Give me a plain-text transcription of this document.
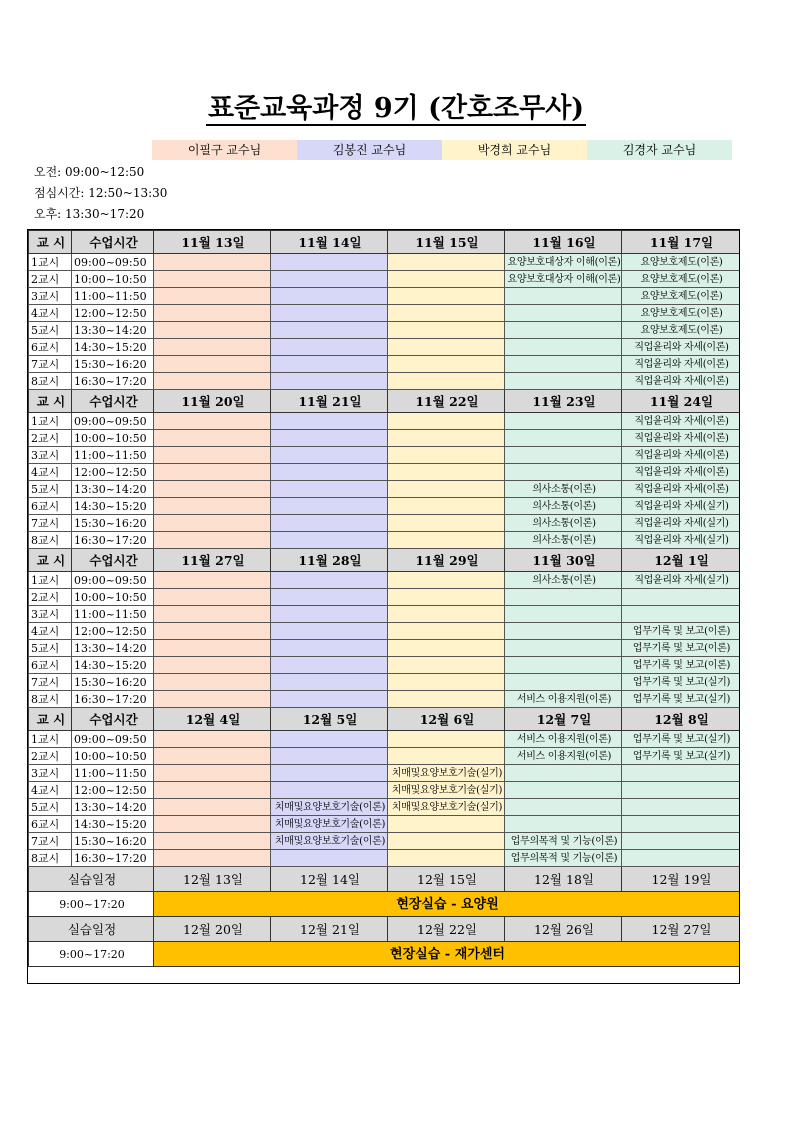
표준교육과정 9기 (간호조무사)
이필구 교수님	김봉진 교수님	박경희 교수님	김경자 교수님
오전: 09:00~12:50
점심시간: 12:50~13:30
오후: 13:30~17:20
교 시	수업시간	11월 13일	11월 14일	11월 15일	11월 16일	11월 17일
1교시	09:00~09:50				요양보호대상자 이해(이론)	요양보호제도(이론)
2교시	10:00~10:50				요양보호대상자 이해(이론)	요양보호제도(이론)
3교시	11:00~11:50					요양보호제도(이론)
4교시	12:00~12:50					요양보호제도(이론)
5교시	13:30~14:20					요양보호제도(이론)
6교시	14:30~15:20					직업윤리와 자세(이론)
7교시	15:30~16:20					직업윤리와 자세(이론)
8교시	16:30~17:20					직업윤리와 자세(이론)
교 시	수업시간	11월 20일	11월 21일	11월 22일	11월 23일	11월 24일
1교시	09:00~09:50					직업윤리와 자세(이론)
2교시	10:00~10:50					직업윤리와 자세(이론)
3교시	11:00~11:50					직업윤리와 자세(이론)
4교시	12:00~12:50					직업윤리와 자세(이론)
5교시	13:30~14:20				의사소통(이론)	직업윤리와 자세(이론)
6교시	14:30~15:20				의사소통(이론)	직업윤리와 자세(실기)
7교시	15:30~16:20				의사소통(이론)	직업윤리와 자세(실기)
8교시	16:30~17:20				의사소통(이론)	직업윤리와 자세(실기)
교 시	수업시간	11월 27일	11월 28일	11월 29일	11월 30일	12월 1일
1교시	09:00~09:50				의사소통(이론)	직업윤리와 자세(실기)
2교시	10:00~10:50					
3교시	11:00~11:50					
4교시	12:00~12:50					업무기록 및 보고(이론)
5교시	13:30~14:20					업무기록 및 보고(이론)
6교시	14:30~15:20					업무기록 및 보고(이론)
7교시	15:30~16:20					업무기록 및 보고(실기)
8교시	16:30~17:20				서비스 이용지원(이론)	업무기록 및 보고(실기)
교 시	수업시간	12월 4일	12월 5일	12월 6일	12월 7일	12월 8일
1교시	09:00~09:50				서비스 이용지원(이론)	업무기록 및 보고(실기)
2교시	10:00~10:50				서비스 이용지원(이론)	업무기록 및 보고(실기)
3교시	11:00~11:50			치매및요양보호기술(실기)		
4교시	12:00~12:50			치매및요양보호기술(실기)		
5교시	13:30~14:20		치매및요양보호기술(이론)	치매및요양보호기술(실기)		
6교시	14:30~15:20		치매및요양보호기술(이론)			
7교시	15:30~16:20		치매및요양보호기술(이론)		업무의목적 및 기능(이론)	
8교시	16:30~17:20				업무의목적 및 기능(이론)	
실습일정		12월 13일	12월 14일	12월 15일	12월 18일	12월 19일
9:00~17:20		현장실습 - 요양원				
실습일정		12월 20일	12월 21일	12월 22일	12월 26일	12월 27일
9:00~17:20		현장실습 - 재가센터				
